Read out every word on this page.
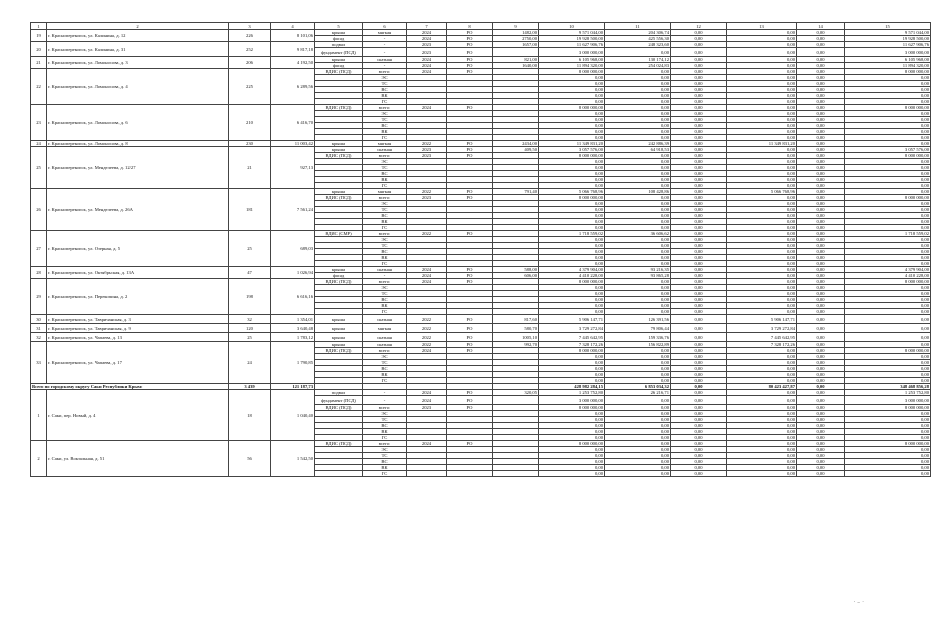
1	2	3	4	5	6	7	8	9	10	11	12	13	14	15
19	г. Красноперекопск, ул. Калинина, д. 12	226	8 101,06	крыша	мягкая	2024	РО	1482,00	9 571 044,00	204 306,74	0,00	0,00	0,00	9 571 044,00
				фасад	-	2024	РО	2750,00	19 928 500,00	425 556,30	0,00	0,00	0,00	19 928 500,00
20	г. Красноперекопск, ул. Калинина, д. 31	252	9 817,18	подвал	-	2023	РО	1657,00	11 627 906,76	248 323,60	0,00	0,00	0,00	11 627 906,76
				фундамент (ПСД)	-	2023	РО		3 000 000,00	0,00	0,00	0,00	0,00	3 000 000,00
21	г. Красноперекопск, ул. Ломоносова, д. 3	206	4 192,50	крыша	скатная	2024	РО	821,00	6 105 968,00	130 174,12	0,00	0,00	0,00	6 105 968,00
				фасад	-	2024	РО	1640,00	11 894 320,00	254 024,83	0,00	0,00	0,00	11 894 320,00
22	г. Красноперекопск, ул. Ломоносова, д. 4	225	6 289,56	ВДИС (ПСД)	всего:	2024	РО		8 000 000,00	0,00	0,00	0,00	0,00	8 000 000,00
					ЭС				0,00	0,00	0,00	0,00	0,00	0,00
					ТС				0,00	0,00	0,00	0,00	0,00	0,00
					ВС				0,00	0,00	0,00	0,00	0,00	0,00
					ВК				0,00	0,00	0,00	0,00	0,00	0,00
					ГС				0,00	0,00	0,00	0,00	0,00	0,00
23	г. Красноперекопск, ул. Ломоносова, д. 6	210	6 416,70	ВДИС (ПСД)	всего:	2024	РО		8 000 000,00	0,00	0,00	0,00	0,00	8 000 000,00
					ЭС				0,00	0,00	0,00	0,00	0,00	0,00
					ТС				0,00	0,00	0,00	0,00	0,00	0,00
					ВС				0,00	0,00	0,00	0,00	0,00	0,00
					ВК				0,00	0,00	0,00	0,00	0,00	0,00
					ГС				0,00	0,00	0,00	0,00	0,00	0,00
24	г. Красноперекопск, ул. Ломоносова, д. 8	230	11 003,42	крыша	мягкая	2022	РО	2434,00	11 349 831,20	242 886,39	0,00	11 349 831,20	0,00	0,00
25	г. Красноперекопск, ул. Менделеева, д. 12/27	21	927,13	крыша	скатная	2023	РО	409,50	3 057 576,00	64 918,53	0,00	0,00	0,00	3 057 576,00
				ВДИС (ПСД)	всего:	2023	РО		8 000 000,00	0,00	0,00	0,00	0,00	8 000 000,00
					ЭС				0,00	0,00	0,00	0,00	0,00	0,00
					ТС				0,00	0,00	0,00	0,00	0,00	0,00
					ВС				0,00	0,00	0,00	0,00	0,00	0,00
					ВК				0,00	0,00	0,00	0,00	0,00	0,00
					ГС				0,00	0,00	0,00	0,00	0,00	0,00
26	г. Красноперекопск, ул. Менделеева, д. 26А	181	7 561,24	крыша	мягкая	2022	РО	791,40	5 066 768,96	108 428,86	0,00	5 066 768,96	0,00	0,00
				ВДИС (ПСД)	всего:	2023	РО		8 000 000,00	0,00	0,00	0,00	0,00	8 000 000,00
					ЭС				0,00	0,00	0,00	0,00	0,00	0,00
					ТС				0,00	0,00	0,00	0,00	0,00	0,00
					ВС				0,00	0,00	0,00	0,00	0,00	0,00
					ВК				0,00	0,00	0,00	0,00	0,00	0,00
					ГС				0,00	0,00	0,00	0,00	0,00	0,00
27	г. Красноперекопск, ул. Озерная, д. 5	25	689,03	ВДИС (СМР)	всего:	2022	РО		1 718 559,02	36 606,62	0,00	0,00	0,00	1 718 559,02
					ЭС				0,00	0,00	0,00	0,00	0,00	0,00
					ТС				0,00	0,00	0,00	0,00	0,00	0,00
					ВС				0,00	0,00	0,00	0,00	0,00	0,00
					ВК				0,00	0,00	0,00	0,00	0,00	0,00
					ГС				0,00	0,00	0,00	0,00	0,00	0,00
28	г. Красноперекопск, ул. Октябрьская, д. 13А	47	1 026,94	крыша	скатная	2024	РО	588,00	4 379 904,00	93 216,35	0,00	0,00	0,00	4 379 904,00
				фасад	-	2024	РО	606,00	4 410 228,00	93 865,28	0,00	0,00	0,00	4 410 228,00
29	г. Красноперекопск, ул. Перекопина, д. 2	198	6 616,16	ВДИС (ПСД)	всего:	2024	РО		8 000 000,00	0,00	0,00	0,00	0,00	8 000 000,00
					ЭС				0,00	0,00	0,00	0,00	0,00	0,00
					ТС				0,00	0,00	0,00	0,00	0,00	0,00
					ВС				0,00	0,00	0,00	0,00	0,00	0,00
					ВК				0,00	0,00	0,00	0,00	0,00	0,00
					ГС				0,00	0,00	0,00	0,00	0,00	0,00
30	г. Красноперекопск, ул. Тавричанская, д. 3	32	1 354,01	крыша	скатная	2022	РО	817,60	5 906 147,71	126 391,56	0,00	5 906 147,71	0,00	0,00
31	г. Красноперекопск, ул. Тавричанская, д. 9	120	3 640,48	крыша	мягкая	2022	РО	580,70	3 729 272,84	79 806,44	0,00	3 729 272,84	0,00	0,00
32	г. Красноперекопск, ул. Чапаева, д. 13	25	1 783,12	крыша	скатная	2022	РО	1005,10	7 445 642,95	159 336,76	0,00	7 445 642,95	0,00	0,00
33	г. Красноперекопск, ул. Чапаева, д. 17	24	1 790,85	крыша	скатная	2022	РО	992,70	7 328 172,26	156 822,89	0,00	7 328 172,26	0,00	0,00
				ВДИС (ПСД)	всего:	2024	РО		8 000 000,00	0,00	0,00	0,00	0,00	8 000 000,00
					ЭС				0,00	0,00	0,00	0,00	0,00	0,00
					ТС				0,00	0,00	0,00	0,00	0,00	0,00
					ВС				0,00	0,00	0,00	0,00	0,00	0,00
					ВК				0,00	0,00	0,00	0,00	0,00	0,00
					ГС				0,00	0,00	0,00	0,00	0,00	0,00
Всего по городскому округу Саки Республики Крым:		3 439	121 187,73						428 982 284,15	6 853 034,32	0,00	80 423 427,87	0,00	348 468 856,28
1	г. Саки, пер. Новый, д. 4	18	1 040,40	подвал	-	2024	РО	320,05	1 253 752,80	26 216,71	0,00	0,00	0,00	1 253 752,80
				фундамент (ПСД)	-	2024	РО		3 000 000,00	0,00	0,00	0,00	0,00	3 000 000,00
				ВДИС (ПСД)	всего:	2023	РО		8 000 000,00	0,00	0,00	0,00	0,00	8 000 000,00
					ЭС				0,00	0,00	0,00	0,00	0,00	0,00
					ТС				0,00	0,00	0,00	0,00	0,00	0,00
					ВС				0,00	0,00	0,00	0,00	0,00	0,00
					ВК				0,00	0,00	0,00	0,00	0,00	0,00
					ГС				0,00	0,00	0,00	0,00	0,00	0,00
2	г. Саки, ул. Вокзальная, д. 51	56	1 542,50	ВДИС (ПСД)	всего:	2024	РО		8 000 000,00	0,00	0,00	0,00	0,00	8 000 000,00
					ЭС				0,00	0,00	0,00	0,00	0,00	0,00
					ТС				0,00	0,00	0,00	0,00	0,00	0,00
					ВС				0,00	0,00	0,00	0,00	0,00	0,00
					ВК				0,00	0,00	0,00	0,00	0,00	0,00
					ГС				0,00	0,00	0,00	0,00	0,00	0,00
· – ·
